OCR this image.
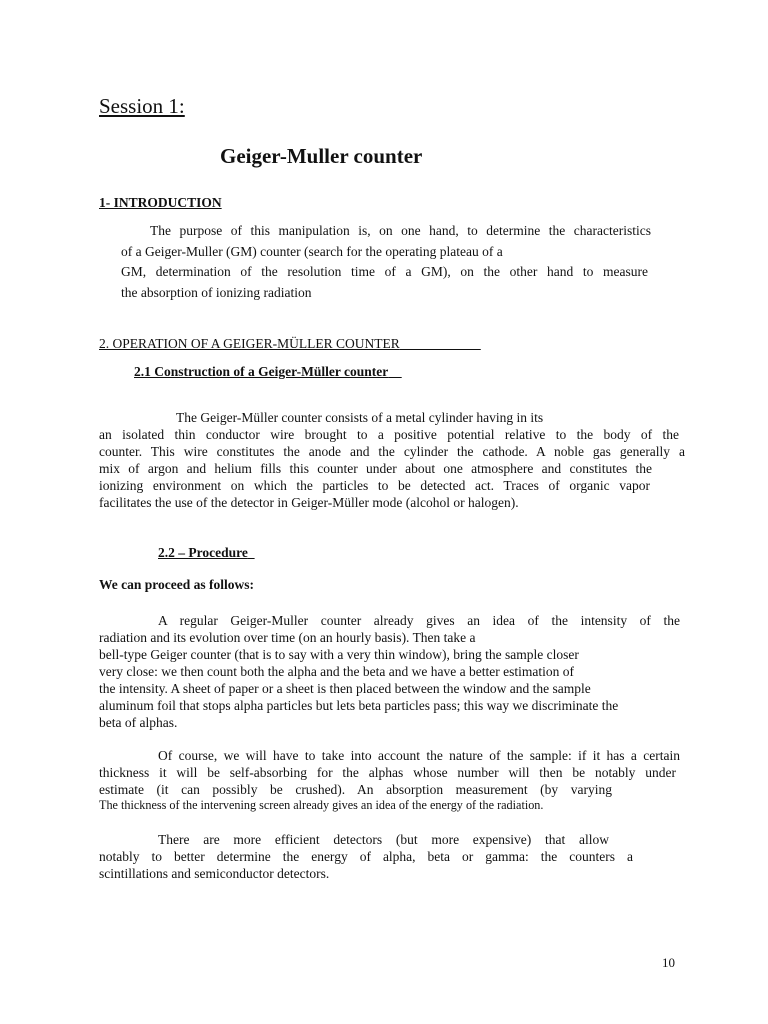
Session 1:
Geiger-Muller counter
1- INTRODUCTION
The purpose of this manipulation is, on one hand, to determine the characteristics
of a Geiger-Muller (GM) counter (search for the operating plateau of a
GM, determination of the resolution time of a GM), on the other hand to measure
the absorption of ionizing radiation
2. OPERATION OF A GEIGER-MÜLLER COUNTER
2.1 Construction of a Geiger-Müller counter
The Geiger-Müller counter consists of a metal cylinder having in its
an isolated thin conductor wire brought to a positive potential relative to the body of the
counter. This wire constitutes the anode and the cylinder the cathode. A noble gas generally a
mix of argon and helium fills this counter under about one atmosphere and constitutes the
ionizing environment on which the particles to be detected act. Traces of organic vapor
facilitates the use of the detector in Geiger-Müller mode (alcohol or halogen).
2.2 – Procedure
We can proceed as follows:
A regular Geiger-Muller counter already gives an idea of the intensity of the
radiation and its evolution over time (on an hourly basis). Then take a
bell-type Geiger counter (that is to say with a very thin window), bring the sample closer
very close: we then count both the alpha and the beta and we have a better estimation of
the intensity. A sheet of paper or a sheet is then placed between the window and the sample
aluminum foil that stops alpha particles but lets beta particles pass; this way we discriminate the
beta of alphas.
Of course, we will have to take into account the nature of the sample: if it has a certain
thickness it will be self-absorbing for the alphas whose number will then be notably under
estimate (it can possibly be crushed). An absorption measurement (by varying
The thickness of the intervening screen already gives an idea of the energy of the radiation.
There are more efficient detectors (but more expensive) that allow
notably to better determine the energy of alpha, beta or gamma: the counters a
scintillations and semiconductor detectors.
10
